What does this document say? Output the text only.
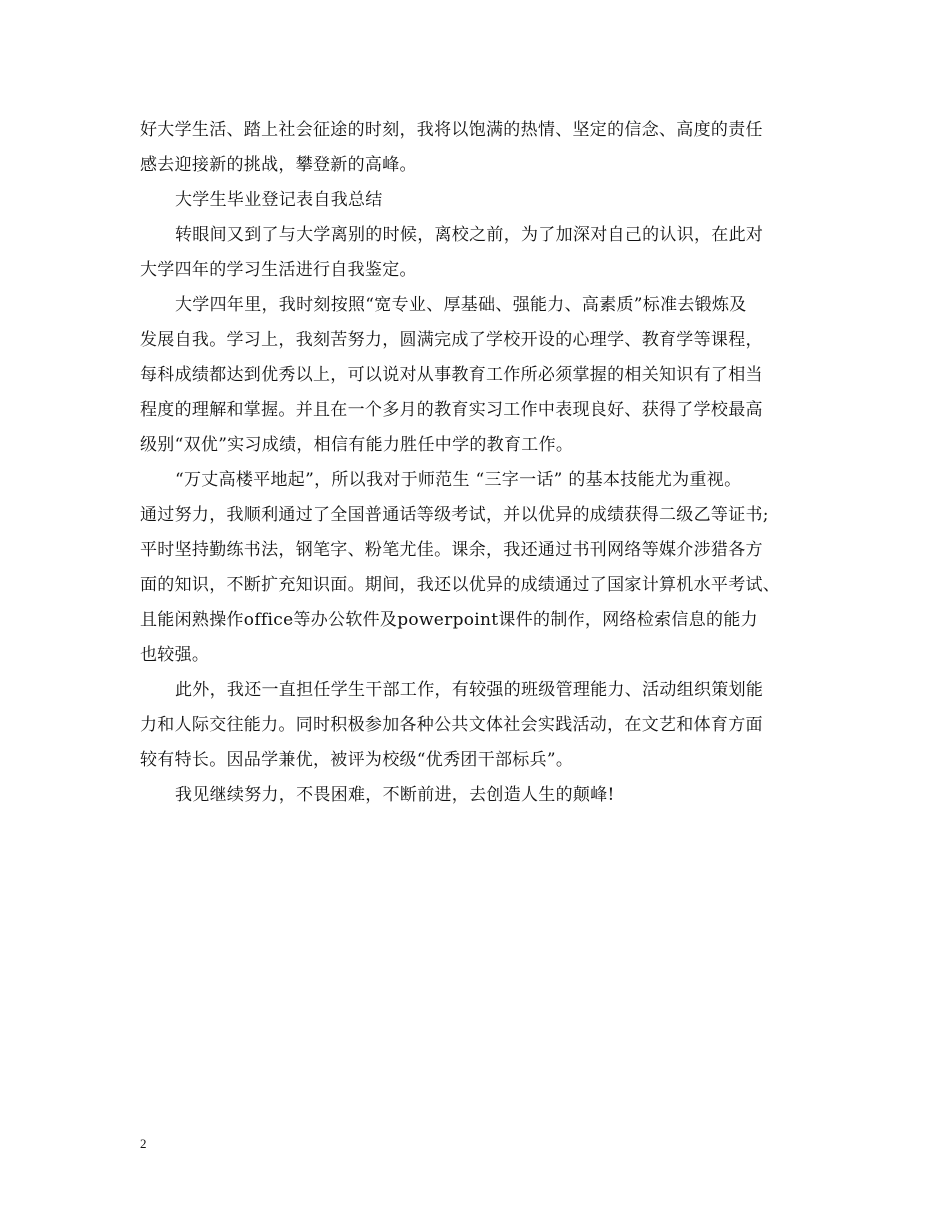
好大学生活、踏上社会征途的时刻，我将以饱满的热情、坚定的信念、高度的责任
感去迎接新的挑战，攀登新的高峰。
大学生毕业登记表自我总结
转眼间又到了与大学离别的时候，离校之前，为了加深对自己的认识，在此对
大学四年的学习生活进行自我鉴定。
大学四年里，我时刻按照“宽专业、厚基础、强能力、高素质”标准去锻炼及
发展自我。学习上，我刻苦努力，圆满完成了学校开设的心理学、教育学等课程，
每科成绩都达到优秀以上，可以说对从事教育工作所必须掌握的相关知识有了相当
程度的理解和掌握。并且在一个多月的教育实习工作中表现良好、获得了学校最高
级别“双优”实习成绩，相信有能力胜任中学的教育工作。
“万丈高楼平地起”，所以我对于师范生 “三字一话” 的基本技能尤为重视。
通过努力，我顺利通过了全国普通话等级考试，并以优异的成绩获得二级乙等证书;
平时坚持勤练书法，钢笔字、粉笔尤佳。课余，我还通过书刊网络等媒介涉猎各方
面的知识，不断扩充知识面。期间，我还以优异的成绩通过了国家计算机水平考试、
且能闲熟操作office等办公软件及powerpoint课件的制作，网络检索信息的能力
也较强。
此外，我还一直担任学生干部工作，有较强的班级管理能力、活动组织策划能
力和人际交往能力。同时积极参加各种公共文体社会实践活动，在文艺和体育方面
较有特长。因品学兼优，被评为校级“优秀团干部标兵”。
我见继续努力，不畏困难，不断前进，去创造人生的颠峰!
2
